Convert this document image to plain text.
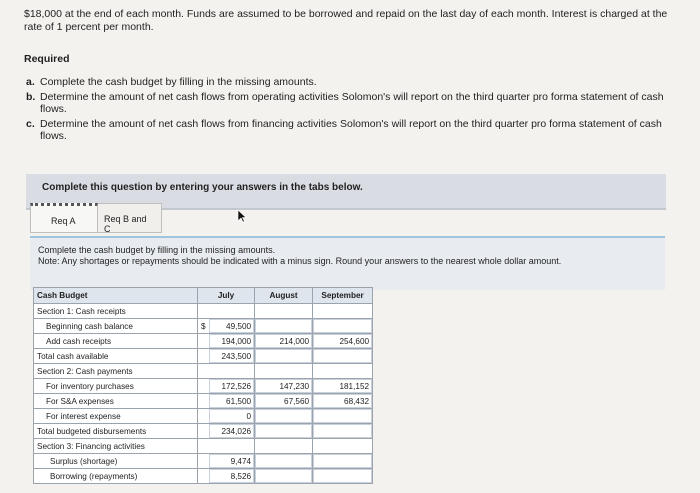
$18,000 at the end of each month. Funds are assumed to be borrowed and repaid on the last day of each month. Interest is charged at the rate of 1 percent per month.
Required
a. Complete the cash budget by filling in the missing amounts.
b. Determine the amount of net cash flows from operating activities Solomon's will report on the third quarter pro forma statement of cash flows.
c. Determine the amount of net cash flows from financing activities Solomon's will report on the third quarter pro forma statement of cash flows.
Complete this question by entering your answers in the tabs below.
Req A	Req B and C
Complete the cash budget by filling in the missing amounts.
Note: Any shortages or repayments should be indicated with a minus sign. Round your answers to the nearest whole dollar amount.
Cash Budget	July		August	September
Section 1: Cash receipts				
Beginning cash balance	$	49,500		
Add cash receipts		194,000	214,000	254,600
Total cash available		243,500		
Section 2: Cash payments				
For inventory purchases		172,526	147,230	181,152
For S&A expenses		61,500	67,560	68,432
For interest expense		0		
Total budgeted disbursements		234,026		
Section 3: Financing activities				
Surplus (shortage)		9,474		
Borrowing (repayments)		8,526		
